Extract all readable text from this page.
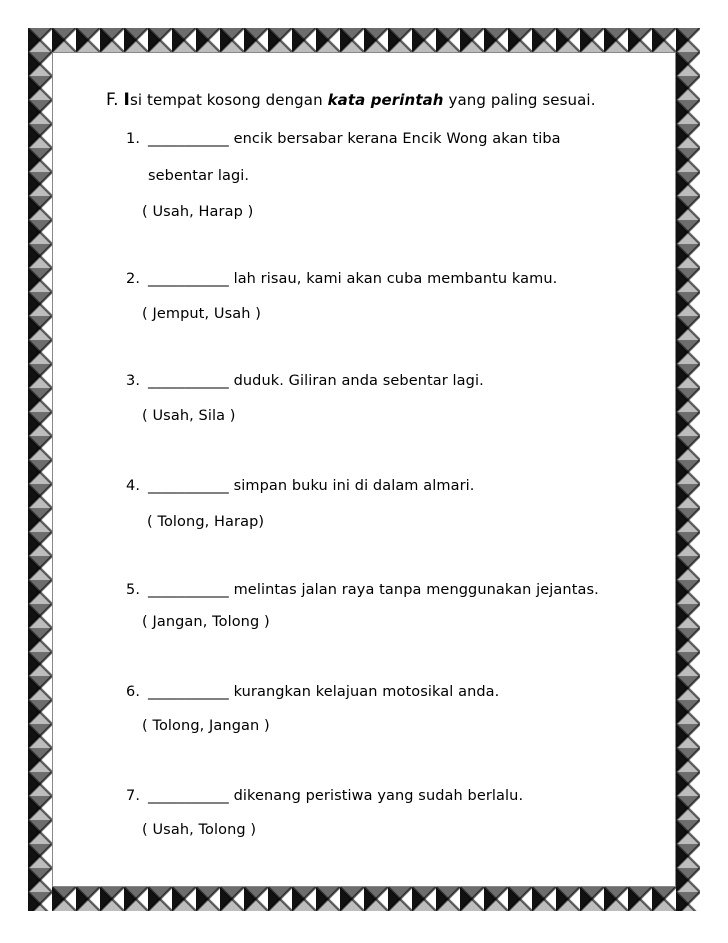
F. Isi tempat kosong dengan kata perintah yang paling sesuai.
1. ___________ encik bersabar kerana Encik Wong akan tiba
sebentar lagi.
( Usah, Harap )
2. ___________ lah risau, kami akan cuba membantu kamu.
( Jemput, Usah )
3. ___________ duduk. Giliran anda sebentar lagi.
( Usah, Sila )
4. ___________ simpan buku ini di dalam almari.
( Tolong, Harap)
5. ___________ melintas jalan raya tanpa menggunakan jejantas.
( Jangan, Tolong )
6. ___________ kurangkan kelajuan motosikal anda.
( Tolong, Jangan )
7. ___________ dikenang peristiwa yang sudah berlalu.
( Usah, Tolong )
